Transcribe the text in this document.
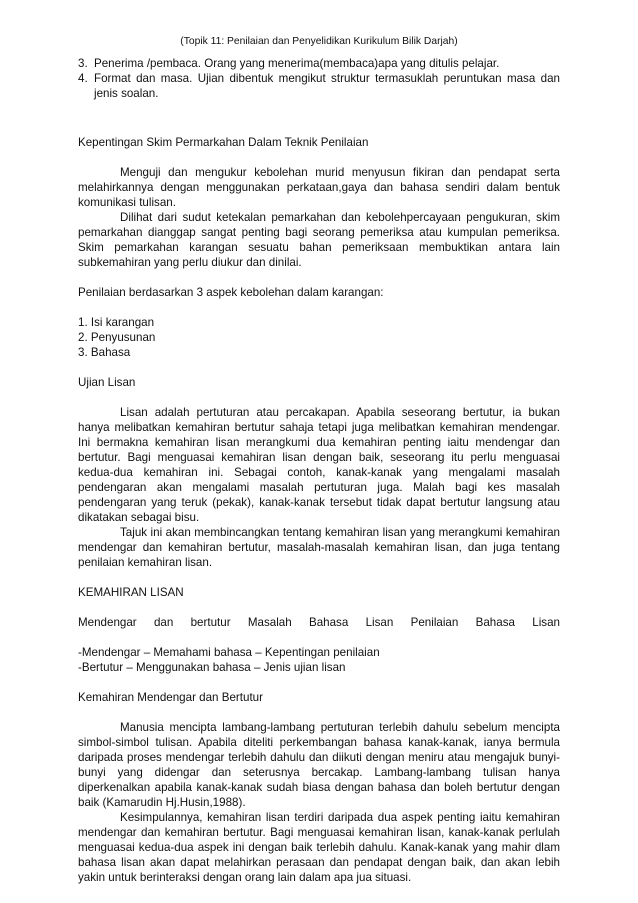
(Topik 11: Penilaian dan Penyelidikan Kurikulum Bilik Darjah)
3. Penerima /pembaca. Orang yang menerima(membaca)apa yang ditulis pelajar.
4. Format dan masa. Ujian dibentuk mengikut struktur termasuklah peruntukan masa dan jenis soalan.

Kepentingan Skim Permarkahan Dalam Teknik Penilaian

Menguji dan mengukur kebolehan murid menyusun fikiran dan pendapat serta melahirkannya dengan menggunakan perkataan,gaya dan bahasa sendiri dalam bentuk komunikasi tulisan.

Dilihat dari sudut ketekalan pemarkahan dan kebolehpercayaan pengukuran, skim pemarkahan dianggap sangat penting bagi seorang pemeriksa atau kumpulan pemeriksa. Skim pemarkahan karangan sesuatu bahan pemeriksaan membuktikan antara lain subkemahiran yang perlu diukur dan dinilai.

Penilaian berdasarkan 3 aspek kebolehan dalam karangan:

1. Isi karangan

2. Penyusunan

3. Bahasa

Ujian Lisan

Lisan adalah pertuturan atau percakapan. Apabila seseorang bertutur, ia bukan hanya melibatkan kemahiran bertutur sahaja tetapi juga melibatkan kemahiran mendengar. Ini bermakna kemahiran lisan merangkumi dua kemahiran penting iaitu mendengar dan bertutur. Bagi menguasai kemahiran lisan dengan baik, seseorang itu perlu menguasai kedua-dua kemahiran ini. Sebagai contoh, kanak-kanak yang mengalami masalah pendengaran akan mengalami masalah pertuturan juga. Malah bagi kes masalah pendengaran yang teruk (pekak), kanak-kanak tersebut tidak dapat bertutur langsung atau dikatakan sebagai bisu.

Tajuk ini akan membincangkan tentang kemahiran lisan yang merangkumi kemahiran mendengar dan kemahiran bertutur, masalah-masalah kemahiran lisan, dan juga tentang penilaian kemahiran lisan.

KEMAHIRAN LISAN

Mendengar dan bertutur Masalah Bahasa Lisan Penilaian Bahasa Lisan

-Mendengar – Memahami bahasa – Kepentingan penilaian

-Bertutur – Menggunakan bahasa – Jenis ujian lisan

Kemahiran Mendengar dan Bertutur

Manusia mencipta lambang-lambang pertuturan terlebih dahulu sebelum mencipta simbol-simbol tulisan. Apabila diteliti perkembangan bahasa kanak-kanak, ianya bermula daripada proses mendengar terlebih dahulu dan diikuti dengan meniru atau mengajuk bunyi-bunyi yang didengar dan seterusnya bercakap. Lambang-lambang tulisan hanya diperkenalkan apabila kanak-kanak sudah biasa dengan bahasa dan boleh bertutur dengan baik (Kamarudin Hj.Husin,1988).

Kesimpulannya, kemahiran lisan terdiri daripada dua aspek penting iaitu kemahiran mendengar dan kemahiran bertutur. Bagi menguasai kemahiran lisan, kanak-kanak perlulah menguasai kedua-dua aspek ini dengan baik terlebih dahulu. Kanak-kanak yang mahir dlam bahasa lisan akan dapat melahirkan perasaan dan pendapat dengan baik, dan akan lebih yakin untuk berinteraksi dengan orang lain dalam apa jua situasi.
